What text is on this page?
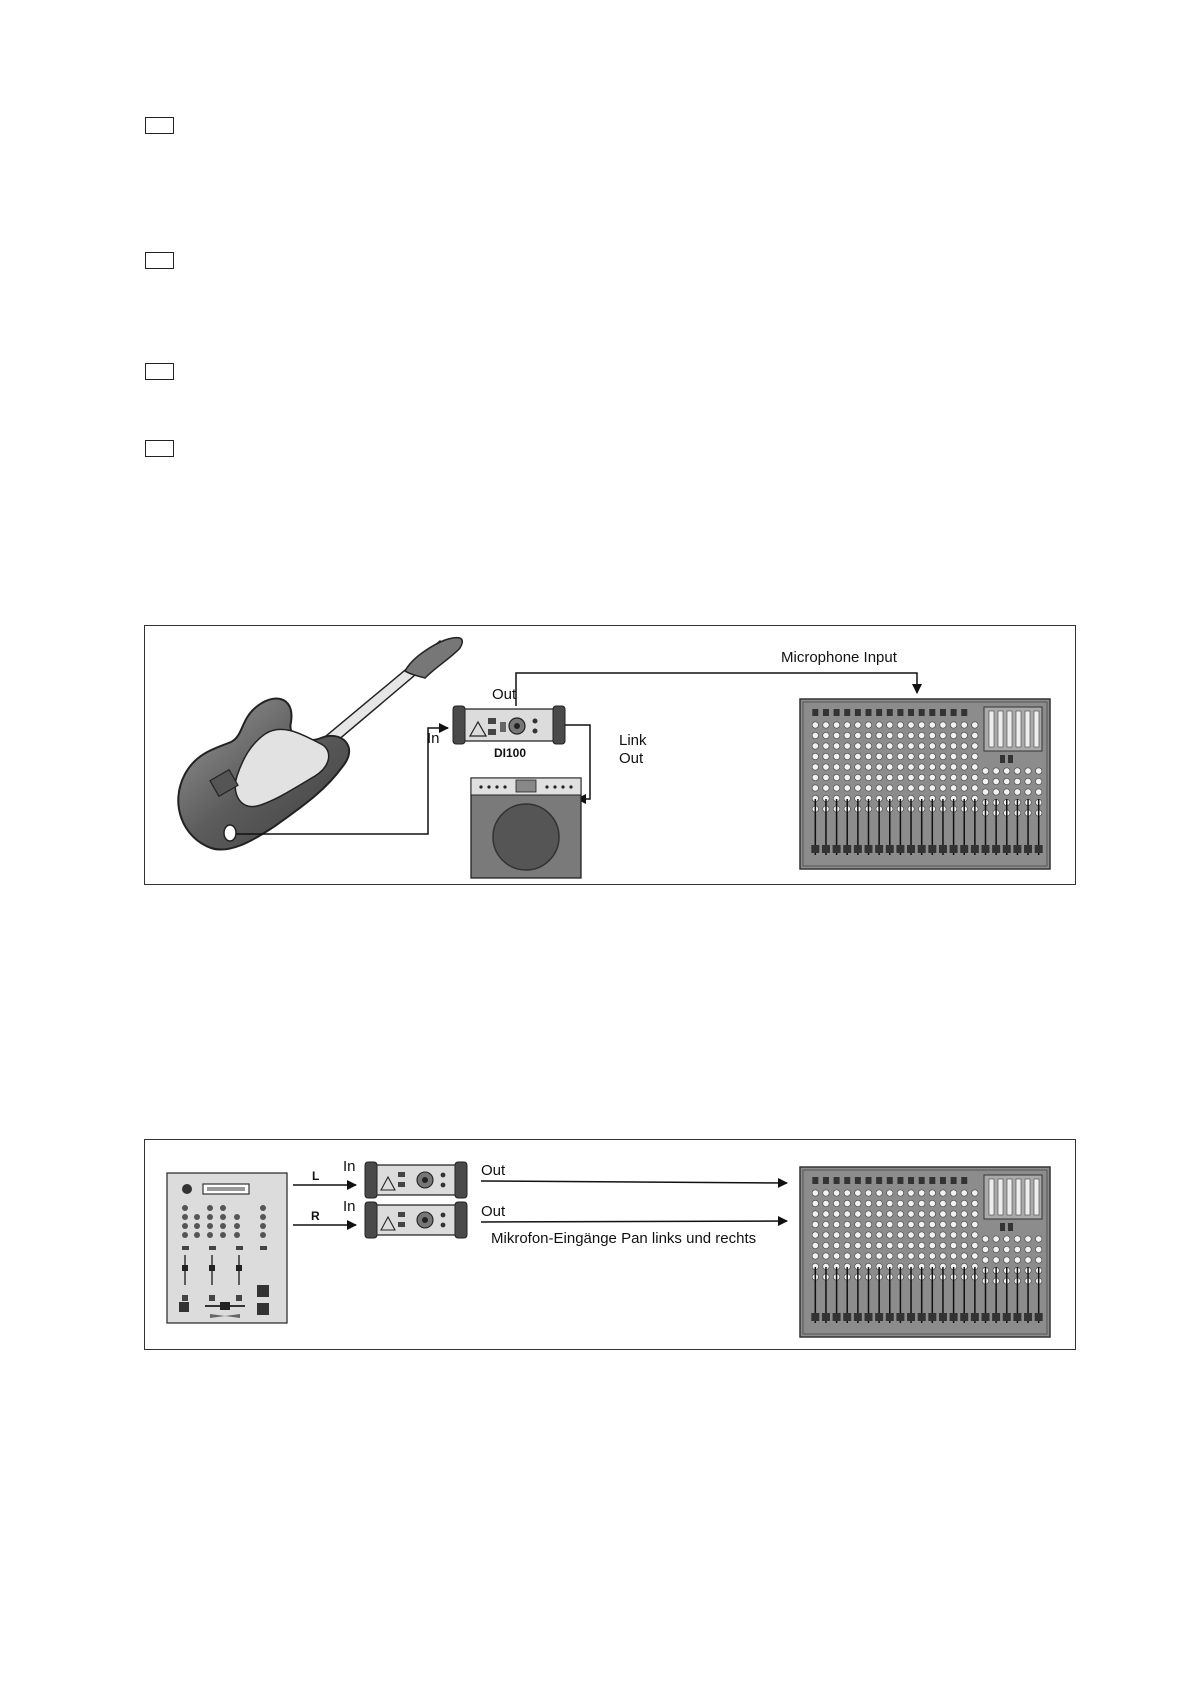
DI100
Out
In
Microphone Input
Link
Out
L
R
In
In
Out
Out
Mikrofon-Eingänge Pan links und rechts
